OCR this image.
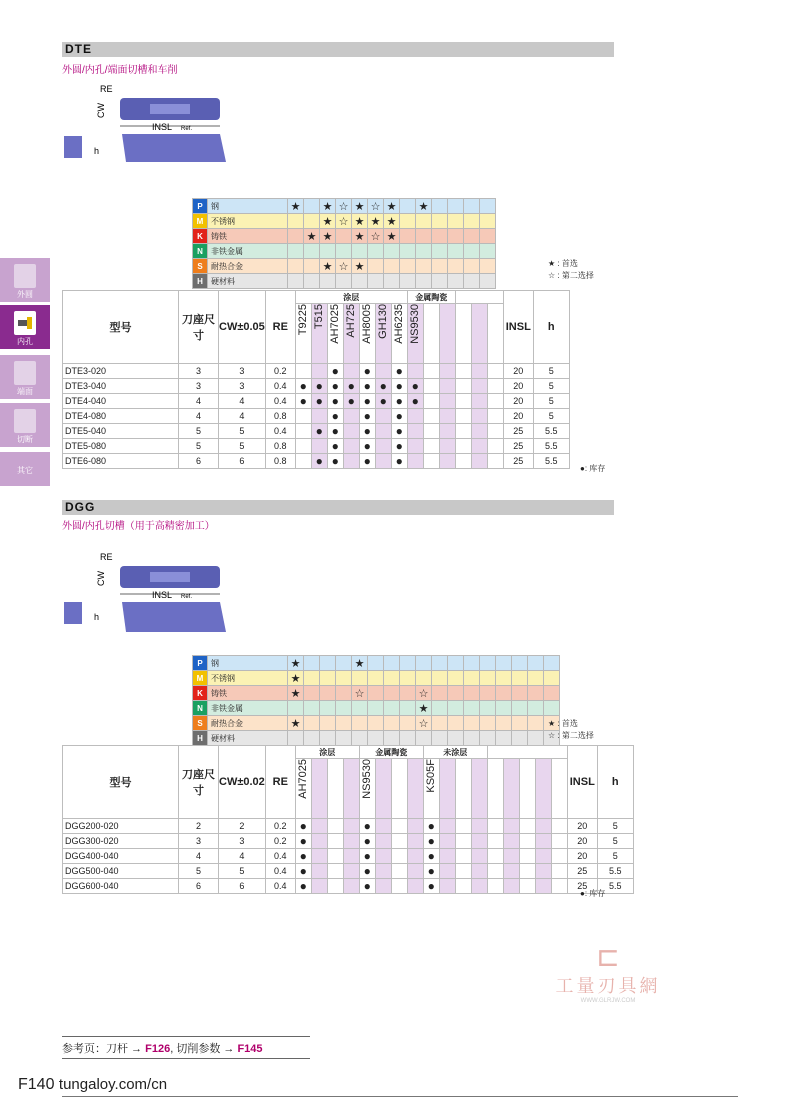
外圆
内孔
端面
切断
其它
DTE
外圆/内孔/端面切槽和车削
RE
CW
INSL Ref.
h
P	钢	★		★	☆	★	☆	★		★				
M	不锈钢			★	☆	★	★	★						
K	铸铁		★	★		★	☆	★						
N	非铁金属													
S	耐热合金			★	☆	★								
H	硬材料													
★ : 首选
☆ : 第二选择
型号	刀座尺寸	CW±0.05	RE	涂层							金属陶瓷						INSL	h
				T9225	T515	AH7025	AH725	AH8005	GH130	AH6235	NS9530							
DTE3-020	3	3	0.2			●		●		●							20	5
DTE3-040	3	3	0.4	●	●	●	●	●	●	●	●						20	5
DTE4-040	4	4	0.4	●	●	●	●	●	●	●	●						20	5
DTE4-080	4	4	0.8			●		●		●							20	5
DTE5-040	5	5	0.4		●	●		●		●							25	5.5
DTE5-080	5	5	0.8			●		●		●							25	5.5
DTE6-080	6	6	0.8		●	●		●		●							25	5.5
●: 库存
DGG
外圆/内孔切槽（用于高精密加工）
RE
CW
INSL Ref.
h
P	钢	★				★												
M	不锈钢	★																
K	铸铁	★				☆				☆								
N	非铁金属									★								
S	耐热合金	★								☆								
H	硬材料																	
★ : 首选
☆ : 第二选择
型号	刀座尺寸	CW±0.02	RE	涂层				金属陶瓷				未涂层									INSL	h
				AH7025				NS9530				KS05F										
DGG200-020	2	2	0.2	●				●				●									20	5
DGG300-020	3	3	0.2	●				●				●									20	5
DGG400-040	4	4	0.4	●				●				●									20	5
DGG500-040	5	5	0.4	●				●				●									25	5.5
DGG600-040	6	6	0.4	●				●				●									25	5.5
●: 库存
⊏
工量刃具網
WWW.GLRJW.COM
参考页：刀杆 → F126, 切削参数 → F145
F140 tungaloy.com/cn
